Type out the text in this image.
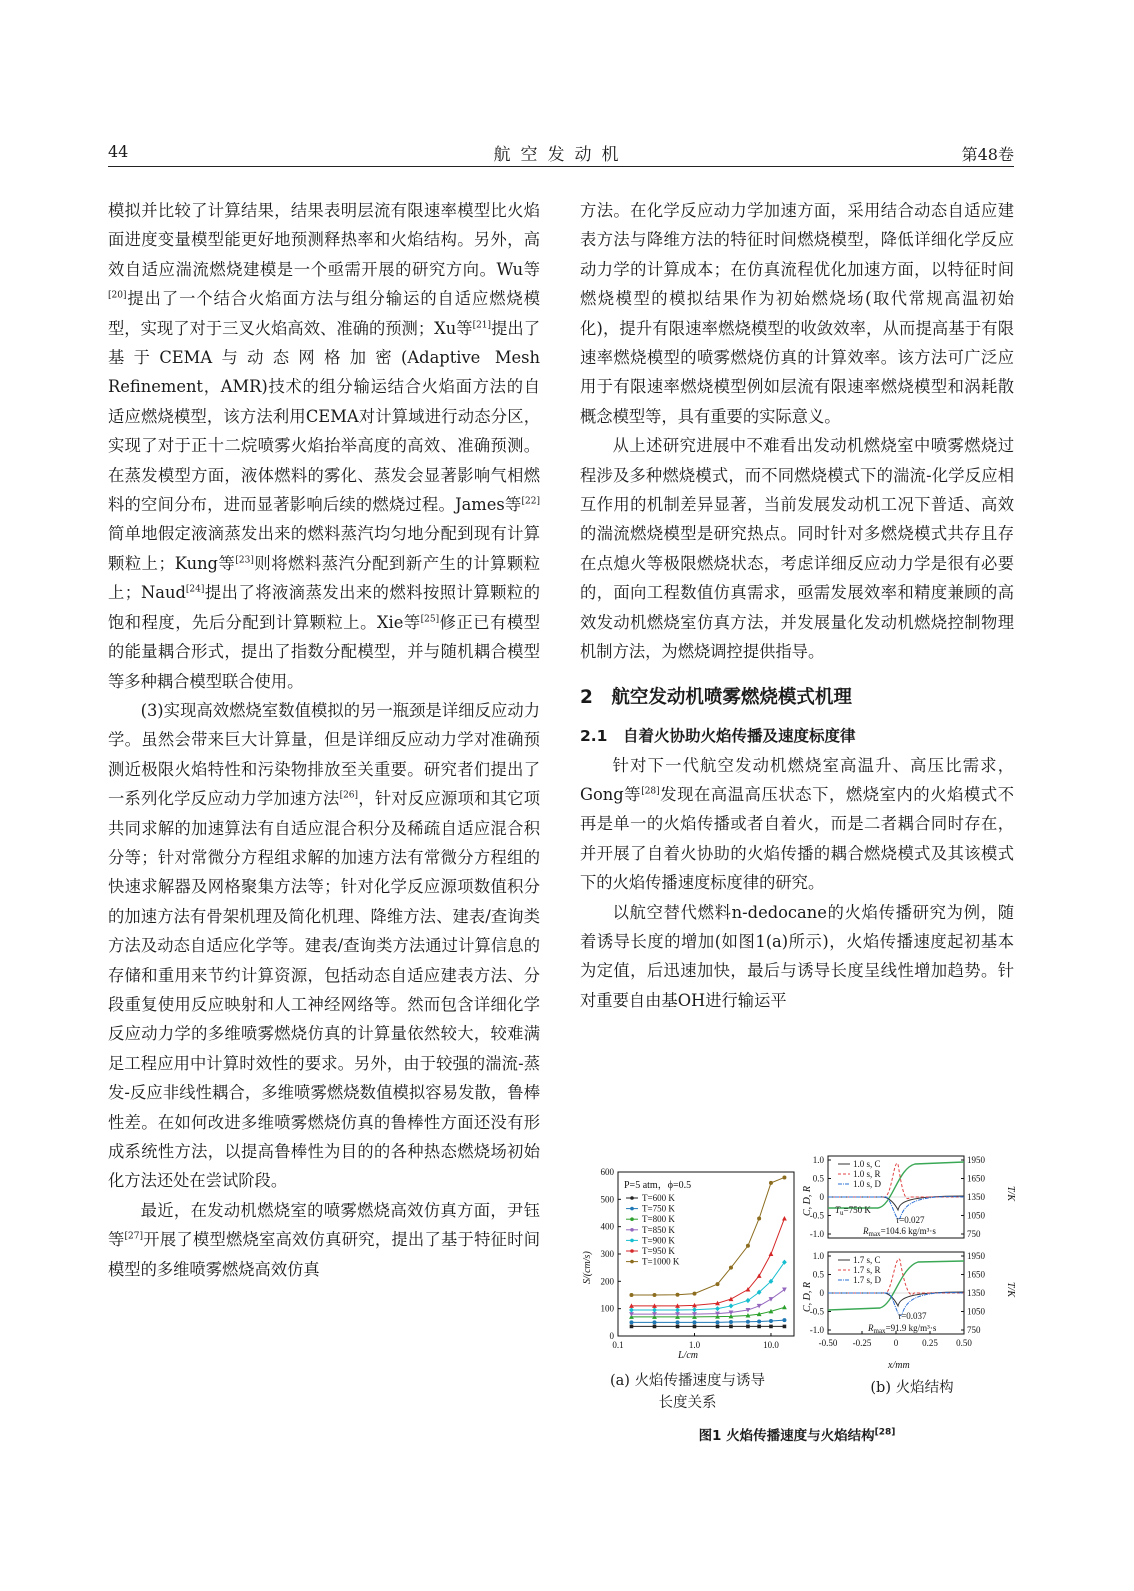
44	航空发动机	第48卷

模拟并比较了计算结果，结果表明层流有限速率模型比火焰面进度变量模型能更好地预测释热率和火焰结构。另外，高效自适应湍流燃烧建模是一个亟需开展的研究方向。Wu等[20]提出了一个结合火焰面方法与组分输运的自适应燃烧模型，实现了对于三叉火焰高效、准确的预测；Xu等[21]提出了基于CEMA与动态网格加密(Adaptive Mesh Refinement，AMR)技术的组分输运结合火焰面方法的自适应燃烧模型，该方法利用CEMA对计算域进行动态分区，实现了对于正十二烷喷雾火焰抬举高度的高效、准确预测。在蒸发模型方面，液体燃料的雾化、蒸发会显著影响气相燃料的空间分布，进而显著影响后续的燃烧过程。James等[22]简单地假定液滴蒸发出来的燃料蒸汽均匀地分配到现有计算颗粒上；Kung等[23]则将燃料蒸汽分配到新产生的计算颗粒上；Naud[24]提出了将液滴蒸发出来的燃料按照计算颗粒的饱和程度，先后分配到计算颗粒上。Xie等[25]修正已有模型的能量耦合形式，提出了指数分配模型，并与随机耦合模型等多种耦合模型联合使用。

(3)实现高效燃烧室数值模拟的另一瓶颈是详细反应动力学。虽然会带来巨大计算量，但是详细反应动力学对准确预测近极限火焰特性和污染物排放至关重要。研究者们提出了一系列化学反应动力学加速方法[26]，针对反应源项和其它项共同求解的加速算法有自适应混合积分及稀疏自适应混合积分等；针对常微分方程组求解的加速方法有常微分方程组的快速求解器及网格聚集方法等；针对化学反应源项数值积分的加速方法有骨架机理及简化机理、降维方法、建表/查询类方法及动态自适应化学等。建表/查询类方法通过计算信息的存储和重用来节约计算资源，包括动态自适应建表方法、分段重复使用反应映射和人工神经网络等。然而包含详细化学反应动力学的多维喷雾燃烧仿真的计算量依然较大，较难满足工程应用中计算时效性的要求。另外，由于较强的湍流-蒸发-反应非线性耦合，多维喷雾燃烧数值模拟容易发散，鲁棒性差。在如何改进多维喷雾燃烧仿真的鲁棒性方面还没有形成系统性方法，以提高鲁棒性为目的的各种热态燃烧场初始化方法还处在尝试阶段。

最近，在发动机燃烧室的喷雾燃烧高效仿真方面，尹钰等[27]开展了模型燃烧室高效仿真研究，提出了基于特征时间模型的多维喷雾燃烧高效仿真

方法。在化学反应动力学加速方面，采用结合动态自适应建表方法与降维方法的特征时间燃烧模型，降低详细化学反应动力学的计算成本；在仿真流程优化加速方面，以特征时间燃烧模型的模拟结果作为初始燃烧场(取代常规高温初始化)，提升有限速率燃烧模型的收敛效率，从而提高基于有限速率燃烧模型的喷雾燃烧仿真的计算效率。该方法可广泛应用于有限速率燃烧模型例如层流有限速率燃烧模型和涡耗散概念模型等，具有重要的实际意义。

从上述研究进展中不难看出发动机燃烧室中喷雾燃烧过程涉及多种燃烧模式，而不同燃烧模式下的湍流-化学反应相互作用的机制差异显著，当前发展发动机工况下普适、高效的湍流燃烧模型是研究热点。同时针对多燃烧模式共存且存在点熄火等极限燃烧状态，考虑详细反应动力学是很有必要的，面向工程数值仿真需求，亟需发展效率和精度兼顾的高效发动机燃烧室仿真方法，并发展量化发动机燃烧控制物理机制方法，为燃烧调控提供指导。

2　航空发动机喷雾燃烧模式机理

2.1　自着火协助火焰传播及速度标度律

针对下一代航空发动机燃烧室高温升、高压比需求，Gong等[28]发现在高温高压状态下，燃烧室内的火焰模式不再是单一的火焰传播或者自着火，而是二者耦合同时存在，并开展了自着火协助的火焰传播的耦合燃烧模式及其该模式下的火焰传播速度标度律的研究。

以航空替代燃料n-dedocane的火焰传播研究为例，随着诱导长度的增加(如图1(a)所示)，火焰传播速度起初基本为定值，后迅速加快，最后与诱导长度呈线性增加趋势。针对重要自由基OH进行输运平

0
100
200
300
400
500
600
0.1	1.0	10.0
P=5 atm，ϕ=0.5
L/cm
S/(cm/s)
T=600 K
T=750 K
T=800 K
T=850 K
T=900 K
T=950 K
T=1000 K
1.0	1950
0.5	1650
0	1350
-0.5	1050
-1.0	750
1.0 s, C
1.0 s, R
1.0 s, D
$T_u=750$ K
τ=0.027
$R_{max}=104.6$ kg/m³·s
1.0	1950
0.5	1650
0	1350
-0.5	1050
-1.0	750
1.7 s, C
1.7 s, R
1.7 s, D
τ=0.037
$R_{max}=91.9$ kg/m³·s
-0.50 -0.25 0	0.25 0.50
x/mm
C, D, R
C, D, R
T/K
T/K
(a) 火焰传播速度与诱导
长度关系
(b) 火焰结构
图1 火焰传播速度与火焰结构[28]
